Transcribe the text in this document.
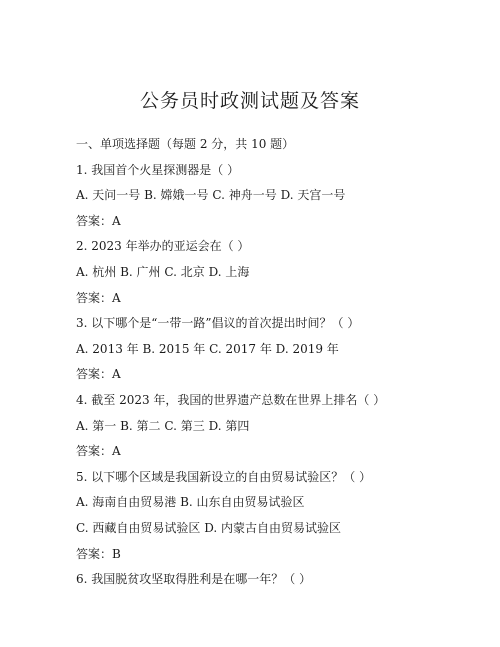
公务员时政测试题及答案
一、单项选择题（每题 2 分，共 10 题）
1. 我国首个火星探测器是（ ）
A. 天问一号 B. 嫦娥一号 C. 神舟一号 D. 天宫一号
答案：A
2. 2023 年举办的亚运会在（ ）
A. 杭州 B. 广州 C. 北京 D. 上海
答案：A
3. 以下哪个是“一带一路”倡议的首次提出时间？（ ）
A. 2013 年 B. 2015 年 C. 2017 年 D. 2019 年
答案：A
4. 截至 2023 年，我国的世界遗产总数在世界上排名（ ）
A. 第一 B. 第二 C. 第三 D. 第四
答案：A
5. 以下哪个区域是我国新设立的自由贸易试验区？（ ）
A. 海南自由贸易港 B. 山东自由贸易试验区
C. 西藏自由贸易试验区 D. 内蒙古自由贸易试验区
答案：B
6. 我国脱贫攻坚取得胜利是在哪一年？（ ）
